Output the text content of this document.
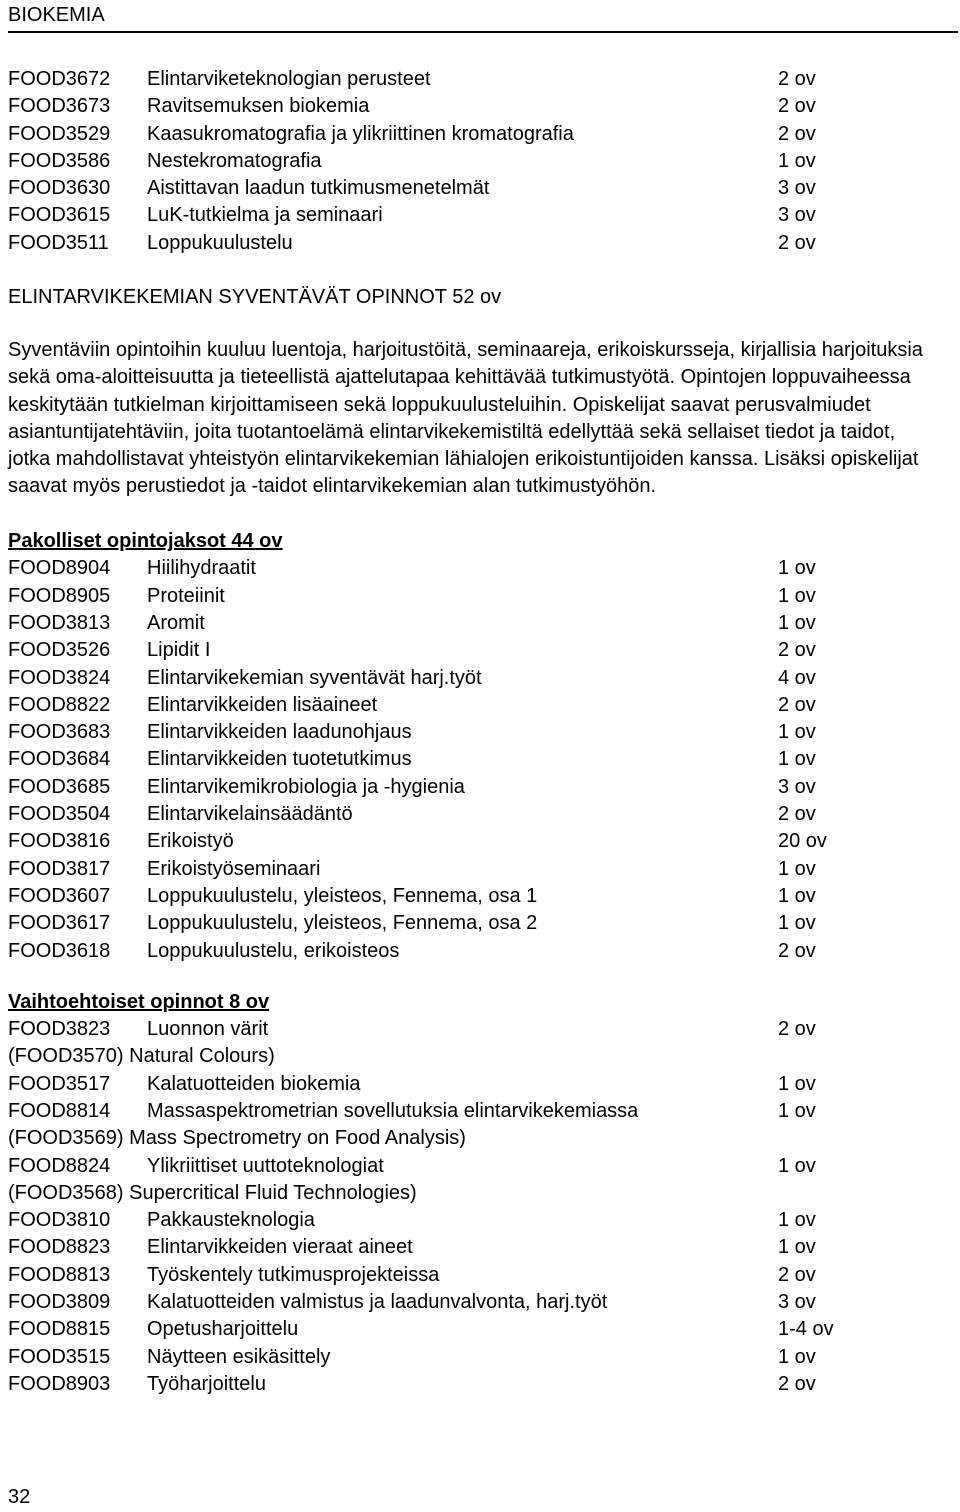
BIOKEMIA
FOOD3672 Elintarviketeknologian perusteet	2 ov
FOOD3673 Ravitsemuksen biokemia	2 ov
FOOD3529 Kaasukromatografia ja ylikriittinen kromatografia	2 ov
FOOD3586 Nestekromatografia	1 ov
FOOD3630 Aistittavan laadun tutkimusmenetelmät	3 ov
FOOD3615 LuK-tutkielma ja seminaari	3 ov
FOOD3511 Loppukuulustelu	2 ov
ELINTARVIKEKEMIAN SYVENTÄVÄT OPINNOT 52 ov

Syventäviin opintoihin kuuluu luentoja, harjoitustöitä, seminaareja, erikoiskursseja, kirjallisia harjoituksia sekä oma-aloitteisuutta ja tieteellistä ajattelutapaa kehittävää tutkimustyötä. Opintojen loppuvaiheessa keskitytään tutkielman kirjoittamiseen sekä loppukuulusteluihin. Opiskelijat saavat perusvalmiudet asiantuntijatehtäviin, joita tuotantoelämä elintarvikekemistiltä edellyttää sekä sellaiset tiedot ja taidot, jotka mahdollistavat yhteistyön elintarvikekemian lähialojen erikoistuntijoiden kanssa. Lisäksi opiskelijat saavat myös perustiedot ja -taidot elintarvikekemian alan tutkimustyöhön.

Pakolliset opintojaksot 44 ov
FOOD8904 Hiilihydraatit	1 ov
FOOD8905 Proteiinit	1 ov
FOOD3813 Aromit	1 ov
FOOD3526 Lipidit I	2 ov
FOOD3824 Elintarvikekemian syventävät harj.työt	4 ov
FOOD8822 Elintarvikkeiden lisäaineet	2 ov
FOOD3683 Elintarvikkeiden laadunohjaus	1 ov
FOOD3684 Elintarvikkeiden tuotetutkimus	1 ov
FOOD3685 Elintarvikemikrobiologia ja -hygienia	3 ov
FOOD3504 Elintarvikelainsäädäntö	2 ov
FOOD3816 Erikoistyö	20 ov
FOOD3817 Erikoistyöseminaari	1 ov
FOOD3607 Loppukuulustelu, yleisteos, Fennema, osa 1	1 ov
FOOD3617 Loppukuulustelu, yleisteos, Fennema, osa 2	1 ov
FOOD3618 Loppukuulustelu, erikoisteos	2 ov
Vaihtoehtoiset opinnot 8 ov
FOOD3823 Luonnon värit	2 ov
(FOOD3570) Natural Colours)
FOOD3517 Kalatuotteiden biokemia	1 ov
FOOD8814 Massaspektrometrian sovellutuksia elintarvikekemiassa	1 ov
(FOOD3569) Mass Spectrometry on Food Analysis)
FOOD8824 Ylikriittiset uuttoteknologiat	1 ov
(FOOD3568) Supercritical Fluid Technologies)
FOOD3810 Pakkausteknologia	1 ov
FOOD8823 Elintarvikkeiden vieraat aineet	1 ov
FOOD8813 Työskentely tutkimusprojekteissa	2 ov
FOOD3809 Kalatuotteiden valmistus ja laadunvalvonta, harj.työt	3 ov
FOOD8815 Opetusharjoittelu	1-4 ov
FOOD3515 Näytteen esikäsittely	1 ov
FOOD8903 Työharjoittelu	2 ov
32
